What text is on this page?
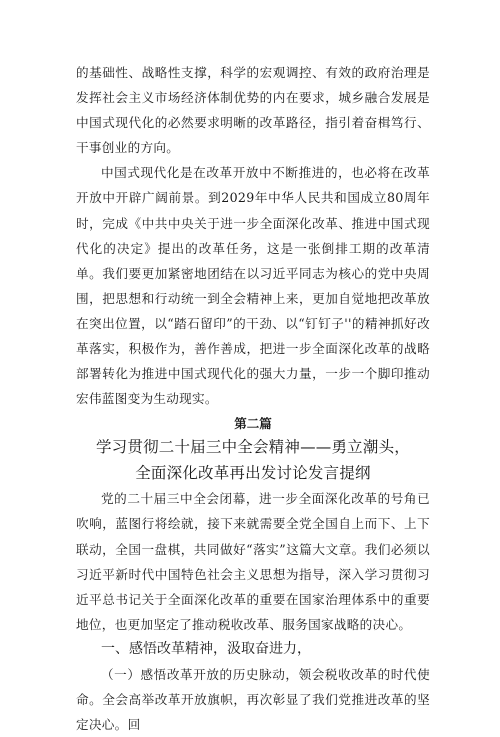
的基础性、战略性支撑，科学的宏观调控、有效的政府治理是发挥社会主义市场经济体制优势的内在要求，城乡融合发展是中国式现代化的必然要求明晰的改革路径，指引着奋楫笃行、干事创业的方向。

中国式现代化是在改革开放中不断推进的，也必将在改革开放中开辟广阔前景。到2029年中华人民共和国成立80周年时，完成《中共中央关于进一步全面深化改革、推进中国式现代化的决定》提出的改革任务，这是一张倒排工期的改革清单。我们要更加紧密地团结在以习近平同志为核心的党中央周围，把思想和行动统一到全会精神上来，更加自觉地把改革放在突出位置，以“踏石留印”的干劲、以“钉钉子''的精神抓好改革落实，积极作为，善作善成，把进一步全面深化改革的战略部署转化为推进中国式现代化的强大力量，一步一个脚印推动宏伟蓝图变为生动现实。

第二篇

学习贯彻二十届三中全会精神——勇立潮头，

全面深化改革再出发讨论发言提纲

党的二十届三中全会闭幕，进一步全面深化改革的号角已吹响，蓝图行将绘就，接下来就需要全党全国自上而下、上下联动，全国一盘棋，共同做好“落实”这篇大文章。我们必须以习近平新时代中国特色社会主义思想为指导，深入学习贯彻习近平总书记关于全面深化改革的重要在国家治理体系中的重要地位，也更加坚定了推动税收改革、服务国家战略的决心。

一、感悟改革精神，汲取奋进力，

（一）感悟改革开放的历史脉动，领会税收改革的时代使命。全会高举改革开放旗帜，再次彰显了我们党推进改革的坚定决心。回
